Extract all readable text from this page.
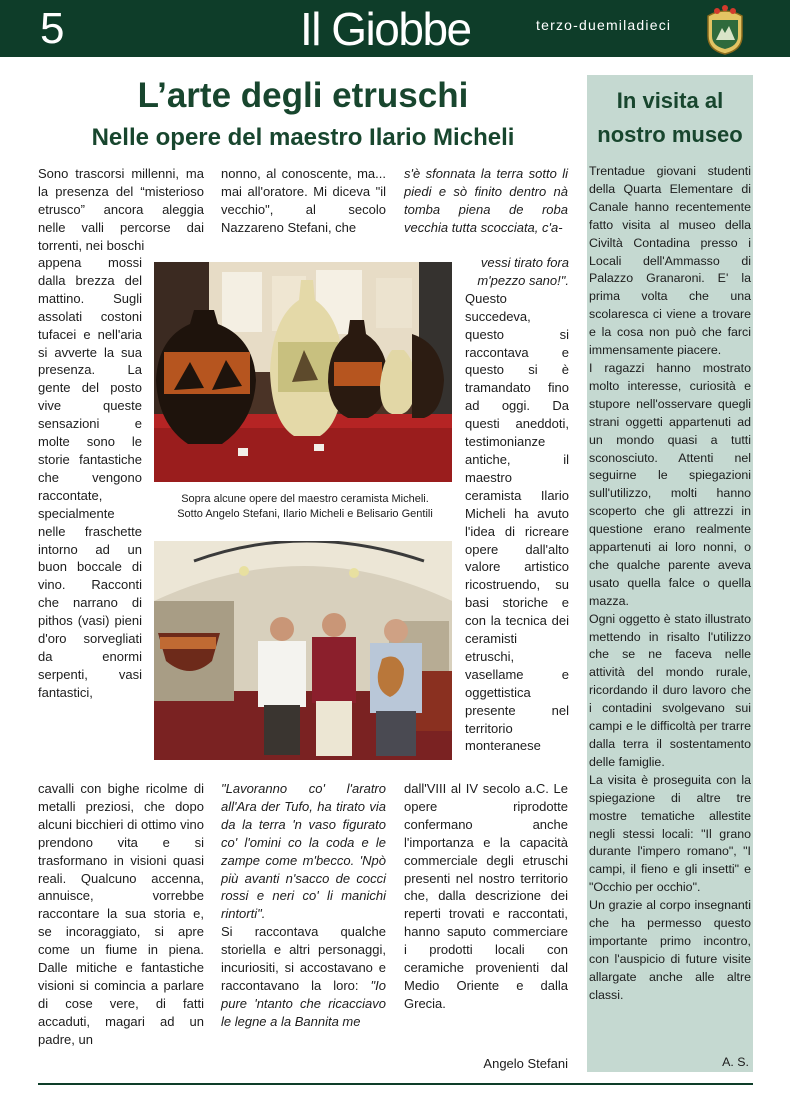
5	Il Giobbe	terzo-duemiladieci
L’arte degli etruschi
Nelle opere del maestro Ilario Micheli

Sono trascorsi millenni, ma la presenza del “misterioso etrusco” ancora aleggia nelle valli percorse dai torrenti, nei boschi

appena mossi dalla brezza del mattino. Sugli assolati costoni tufacei e nell'aria si avverte la sua presenza. La gente del posto vive queste sensazioni e molte sono le storie fantastiche che vengono raccontate, specialmente nelle fraschette intorno ad un buon boccale di vino. Racconti che narrano di pithos (vasi) pieni d'oro sorvegliati da enormi serpenti, vasi fantastici,

cavalli con bighe ricolme di metalli preziosi, che dopo alcuni bicchieri di ottimo vino prendono vita e si trasformano in visioni quasi reali. Qualcuno accenna, annuisce, vorrebbe raccontare la sua storia e, se incoraggiato, si apre come un fiume in piena. Dalle mitiche e fantastiche visioni si comincia a parlare di cose vere, di fatti accaduti, magari ad un padre, un

nonno, al conoscente, ma... mai all'oratore. Mi diceva "il vecchio", al secolo Nazzareno Stefani, che

"Lavoranno co' l'aratro all'Ara der Tufo, ha tirato via da la terra 'n vaso figurato co' l'omini co la coda e le zampe come m'becco. 'Npò più avanti n'sacco de cocci rossi e neri co' li manichi rintorti".

Si raccontava qualche storiella e altri personaggi, incuriositi, si accostavano e raccontavano la loro: "Io pure 'ntanto che ricacciavo le legne a la Bannita me

s'è sfonnata la terra sotto li piedi e sò finito dentro nà tomba piena de roba vecchia tutta scocciata, c'a-

vessi tirato fora m'pezzo sano!".

Questo succedeva, questo si raccontava e questo si è tramandato fino ad oggi. Da questi aneddoti, testimonianze antiche, il maestro ceramista Ilario Micheli ha avuto l'idea di ricreare opere dall'alto valore artistico ricostruendo, su basi storiche e con la tecnica dei ceramisti etruschi, vasellame e oggettistica presente nel territorio monteranese

dall'VIII al IV secolo a.C. Le opere riprodotte confermano anche l'importanza e la capacità commerciale degli etruschi presenti nel nostro territorio che, dalla descrizione dei reperti trovati e raccontati, hanno saputo commerciare i prodotti locali con ceramiche provenienti dal Medio Oriente e dalla Grecia.

Angelo Stefani
Sopra alcune opere del maestro ceramista Micheli.
Sotto Angelo Stefani, Ilario Micheli e Belisario Gentili
In visita al
nostro museo

Trentadue giovani studenti della Quarta Elementare di Canale hanno recentemente fatto visita al museo della Civiltà Contadina presso i Locali dell'Ammasso di Palazzo Granaroni. E' la prima volta che una scolaresca ci viene a trovare e la cosa non può che farci immensamente piacere.

I ragazzi hanno mostrato molto interesse, curiosità e stupore nell'osservare quegli strani oggetti appartenuti ad un mondo quasi a tutti sconosciuto. Attenti nel seguirne le spiegazioni sull'utilizzo, molti hanno scoperto che gli attrezzi in questione erano realmente appartenuti ai loro nonni, o che qualche parente aveva usato quella falce o quella mazza.

Ogni oggetto è stato illustrato mettendo in risalto l'utilizzo che se ne faceva nelle attività del mondo rurale, ricordando il duro lavoro che i contadini svolgevano sui campi e le difficoltà per trarre dalla terra il sostentamento delle famiglie.

La visita è proseguita con la spiegazione di altre tre mostre tematiche allestite negli stessi locali: "Il grano durante l'impero romano", "I campi, il fieno e gli insetti" e "Occhio per occhio".

Un grazie al corpo insegnanti che ha permesso questo importante primo incontro, con l'auspicio di future visite allargate anche alle altre classi.

A. S.
